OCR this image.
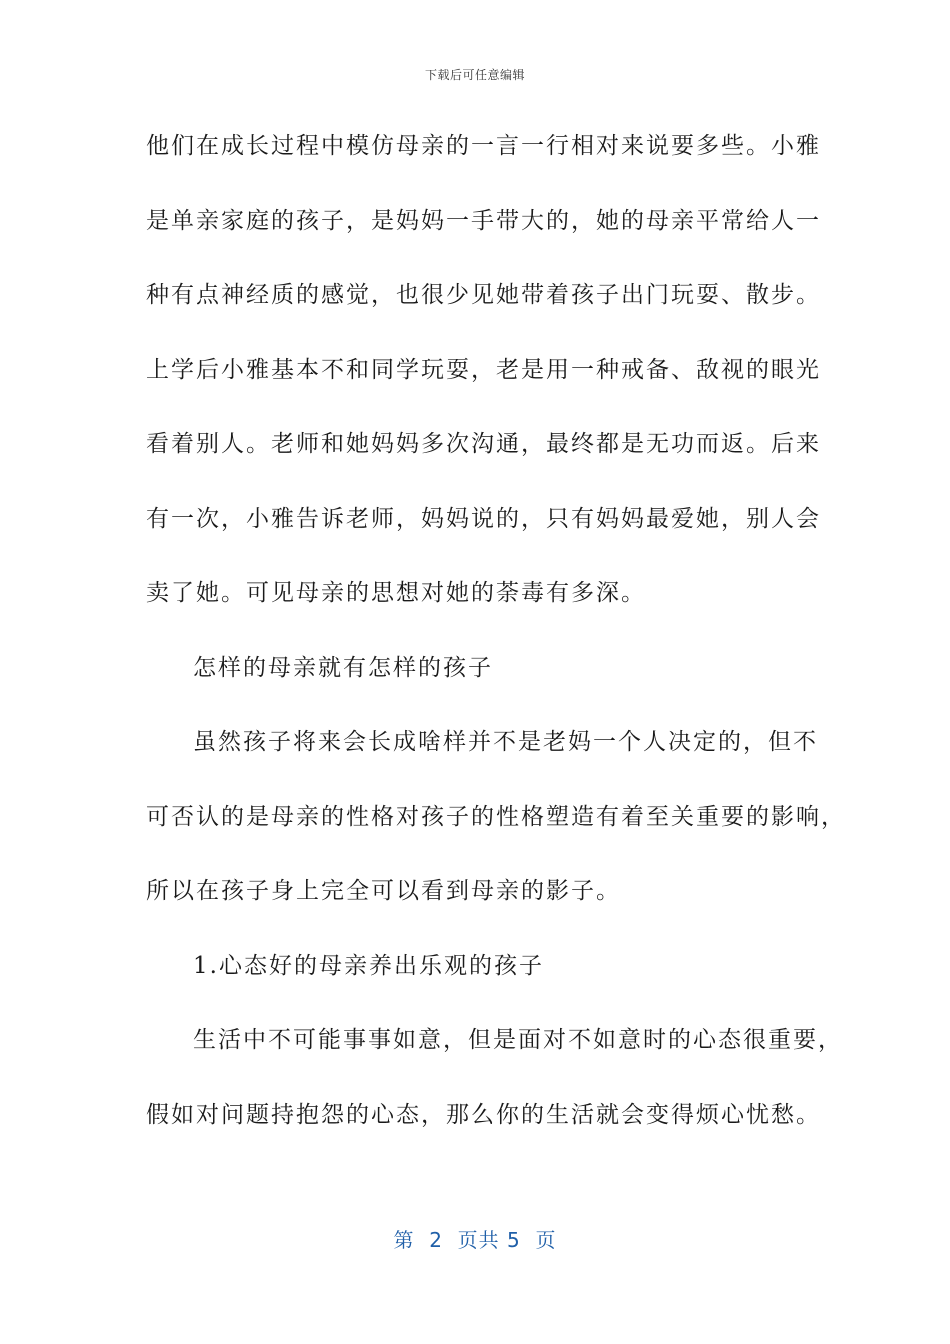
下载后可任意编辑
他们在成长过程中模仿母亲的一言一行相对来说要多些。小雅
是单亲家庭的孩子，是妈妈一手带大的，她的母亲平常给人一
种有点神经质的感觉，也很少见她带着孩子出门玩耍、散步。
上学后小雅基本不和同学玩耍，老是用一种戒备、敌视的眼光
看着别人。老师和她妈妈多次沟通，最终都是无功而返。后来
有一次，小雅告诉老师，妈妈说的，只有妈妈最爱她，别人会
卖了她。可见母亲的思想对她的荼毒有多深。
怎样的母亲就有怎样的孩子
虽然孩子将来会长成啥样并不是老妈一个人决定的，但不
可否认的是母亲的性格对孩子的性格塑造有着至关重要的影响，
所以在孩子身上完全可以看到母亲的影子。
1.心态好的母亲养出乐观的孩子
生活中不可能事事如意，但是面对不如意时的心态很重要，
假如对问题持抱怨的心态，那么你的生活就会变得烦心忧愁。
第  2  页共 5  页
